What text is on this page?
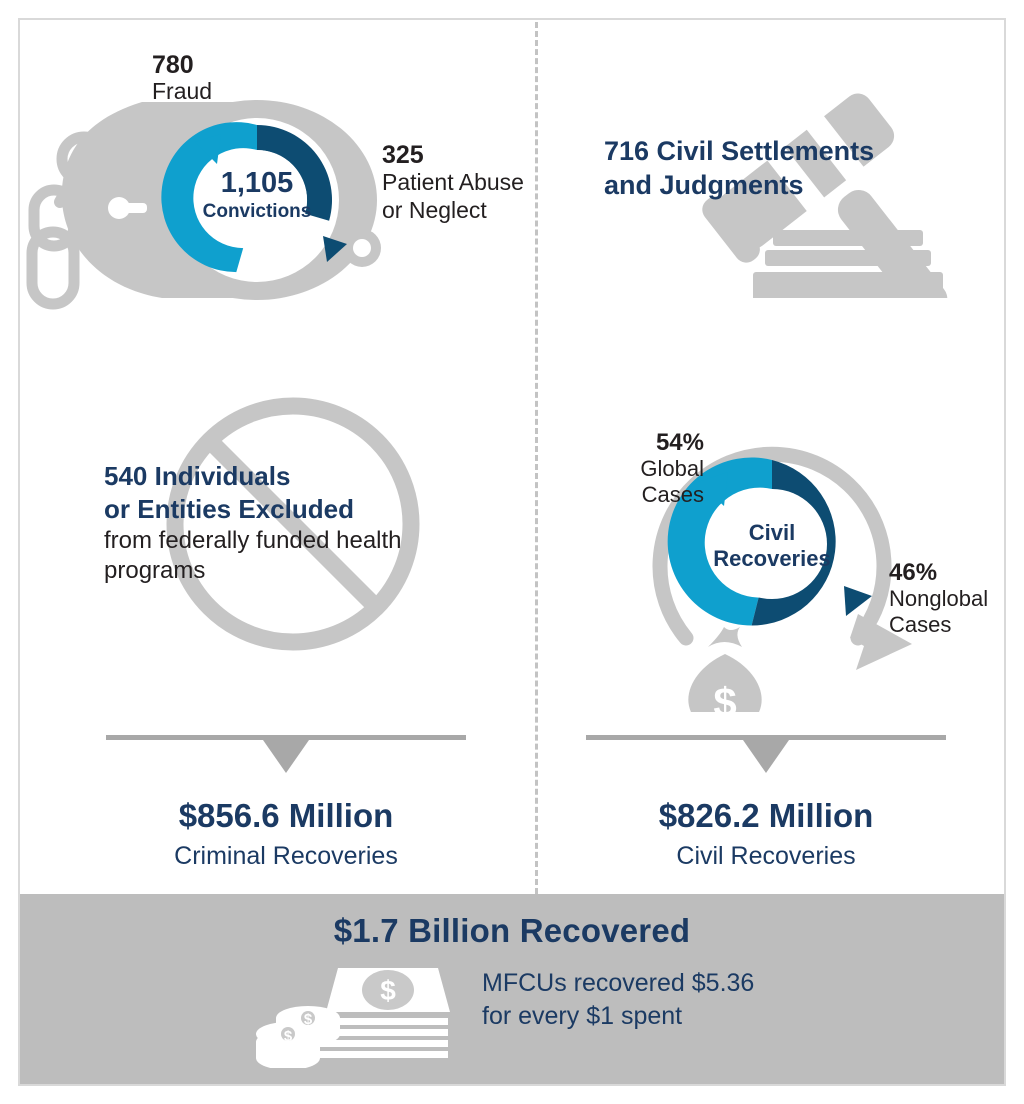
1,105
Convictions
780
Fraud
325
Patient Abuse
or Neglect
716 Civil Settlements
and Judgments
540 Individuals
or Entities Excluded
from federally funded health
programs
$
Civil
Recoveries
54%
Global
Cases
46%
Nonglobal
Cases
$856.6 Million
Criminal Recoveries
$826.2 Million
Civil Recoveries
$1.7 Billion Recovered
$
$
$
MFCUs recovered $5.36
for every $1 spent
